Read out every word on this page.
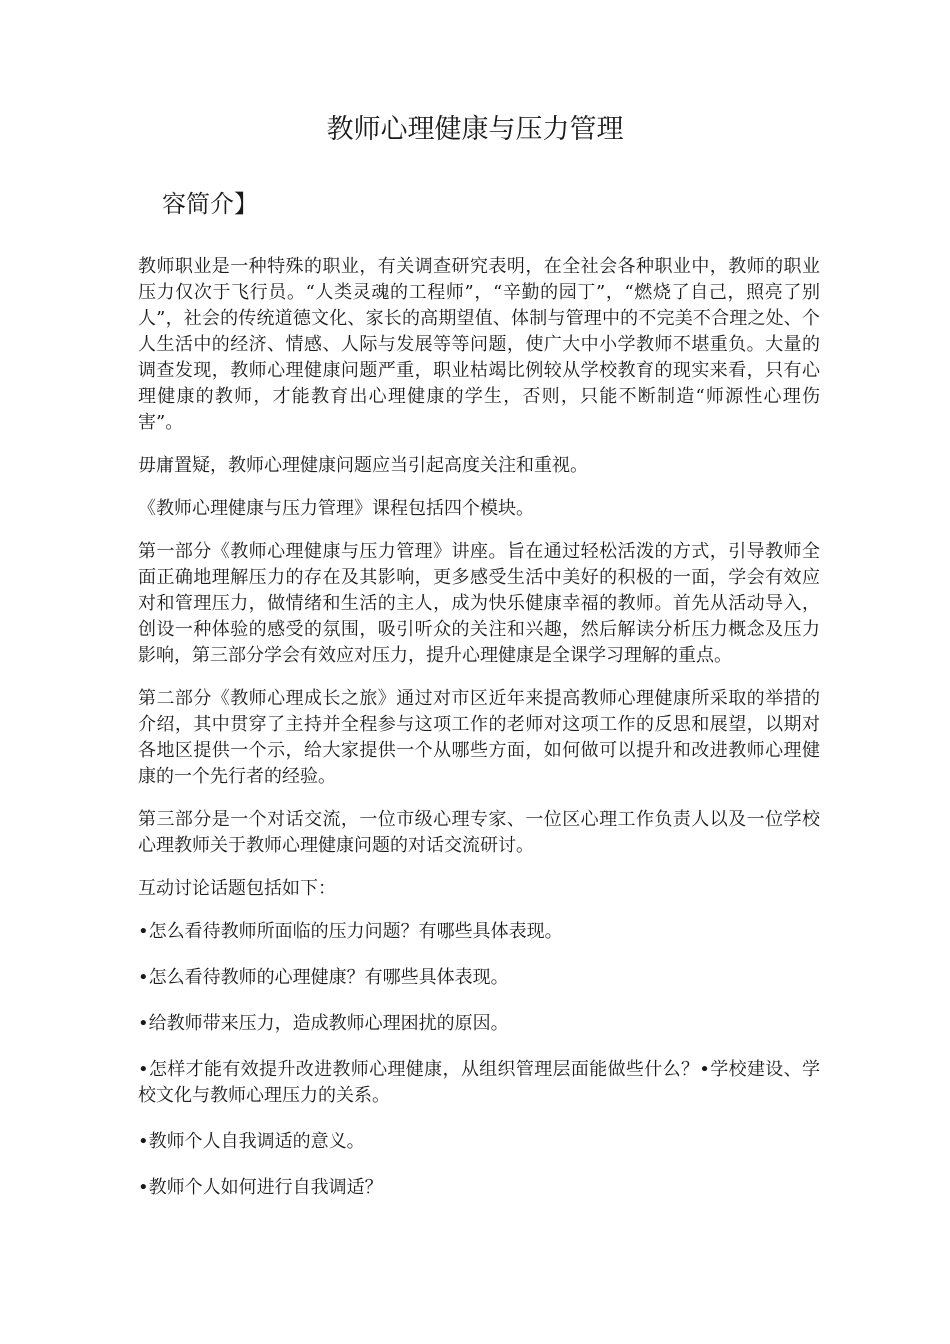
教师心理健康与压力管理
容简介】

教师职业是一种特殊的职业，有关调查研究表明，在全社会各种职业中，教师的职业压力仅次于飞行员。“人类灵魂的工程师”，“辛勤的园丁”，“燃烧了自己，照亮了别人”，社会的传统道德文化、家长的高期望值、体制与管理中的不完美不合理之处、个人生活中的经济、情感、人际与发展等等问题，使广大中小学教师不堪重负。大量的调查发现，教师心理健康问题严重，职业枯竭比例较从学校教育的现实来看，只有心理健康的教师，才能教育出心理健康的学生，否则，只能不断制造“师源性心理伤害”。

毋庸置疑，教师心理健康问题应当引起高度关注和重视。

《教师心理健康与压力管理》课程包括四个模块。

第一部分《教师心理健康与压力管理》讲座。旨在通过轻松活泼的方式，引导教师全面正确地理解压力的存在及其影响，更多感受生活中美好的积极的一面，学会有效应对和管理压力，做情绪和生活的主人，成为快乐健康幸福的教师。首先从活动导入，创设一种体验的感受的氛围，吸引听众的关注和兴趣，然后解读分析压力概念及压力影响，第三部分学会有效应对压力，提升心理健康是全课学习理解的重点。

第二部分《教师心理成长之旅》通过对市区近年来提高教师心理健康所采取的举措的介绍，其中贯穿了主持并全程参与这项工作的老师对这项工作的反思和展望，以期对各地区提供一个示，给大家提供一个从哪些方面，如何做可以提升和改进教师心理健康的一个先行者的经验。

第三部分是一个对话交流，一位市级心理专家、一位区心理工作负责人以及一位学校心理教师关于教师心理健康问题的对话交流研讨。

互动讨论话题包括如下：

•怎么看待教师所面临的压力问题？有哪些具体表现。

•怎么看待教师的心理健康？有哪些具体表现。

•给教师带来压力，造成教师心理困扰的原因。

•怎样才能有效提升改进教师心理健康，从组织管理层面能做些什么？•学校建设、学校文化与教师心理压力的关系。

•教师个人自我调适的意义。

•教师个人如何进行自我调适？
